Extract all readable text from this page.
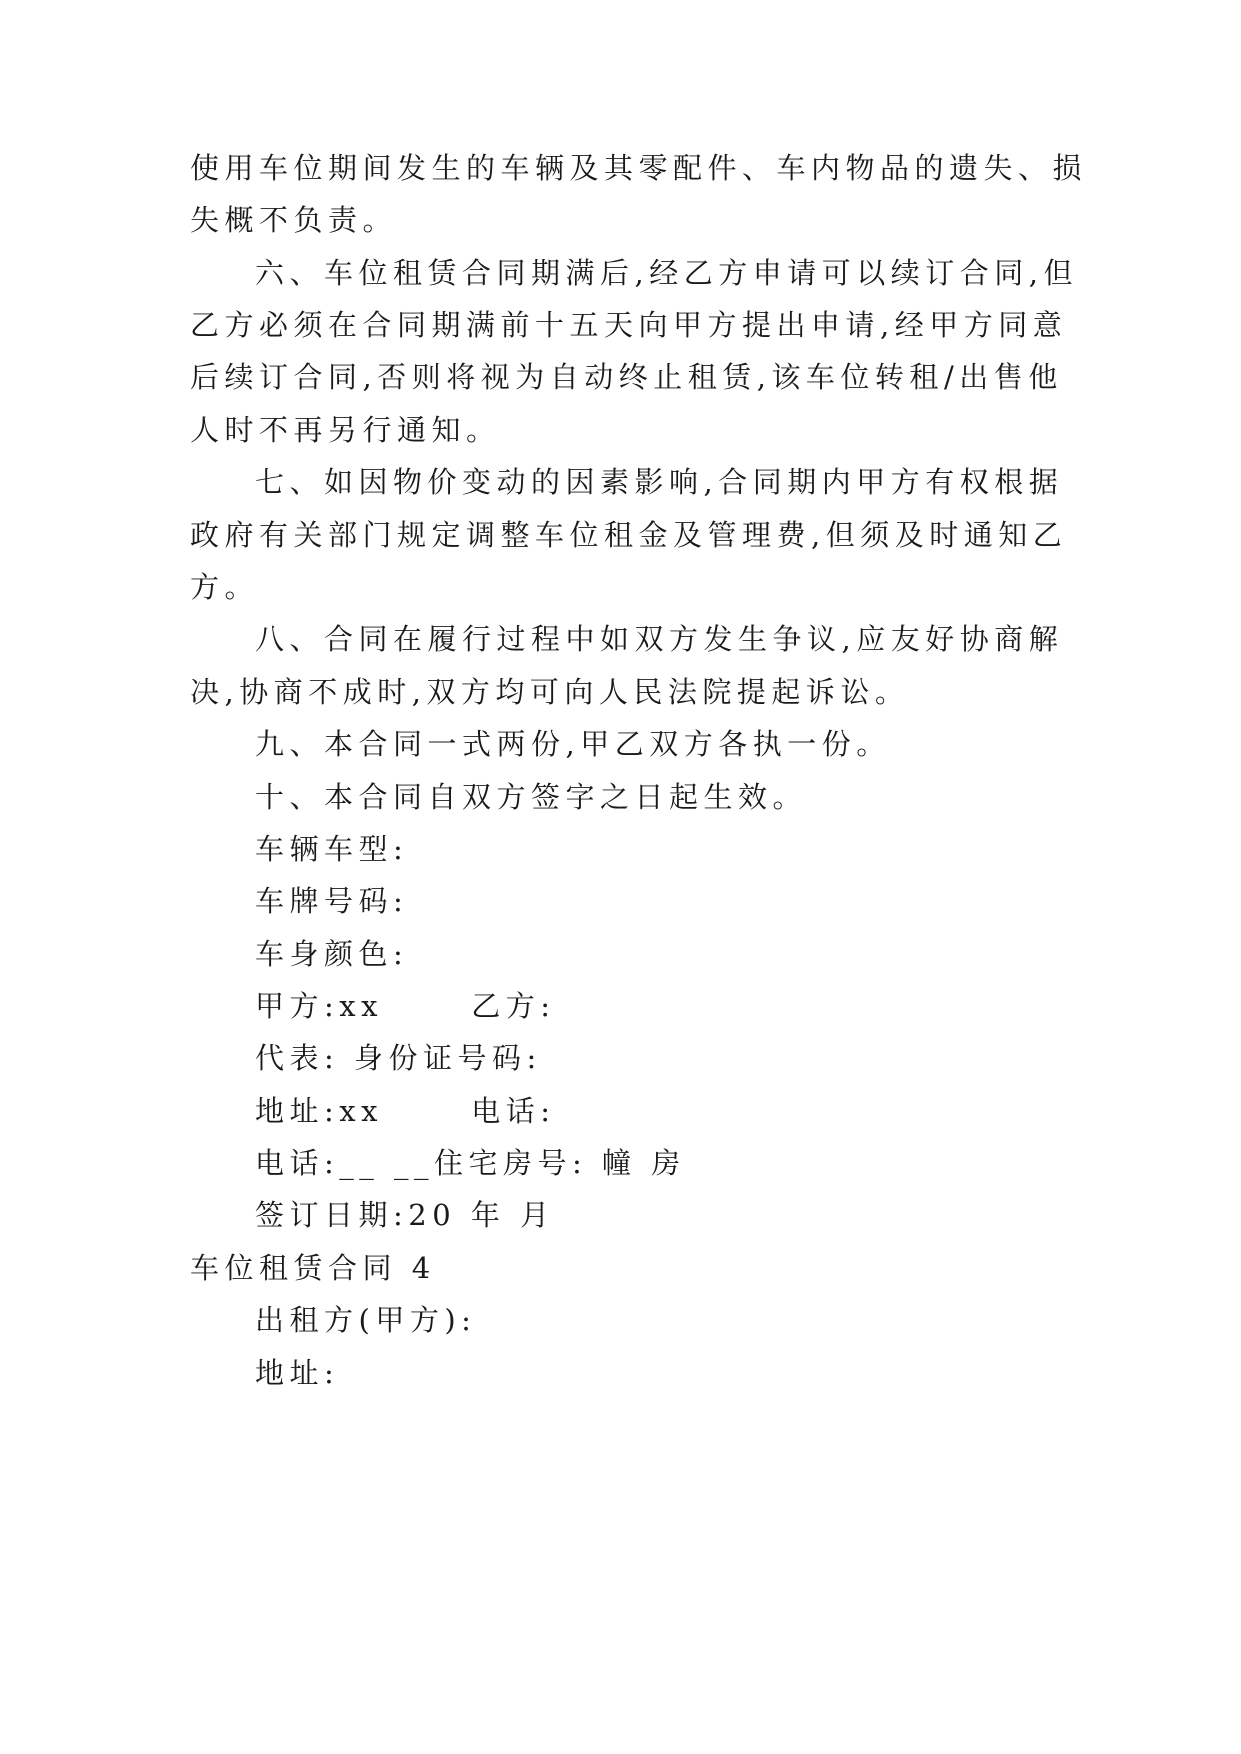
使用车位期间发生的车辆及其零配件、车内物品的遗失、损
失概不负责。
六、车位租赁合同期满后,经乙方申请可以续订合同,但
乙方必须在合同期满前十五天向甲方提出申请,经甲方同意
后续订合同,否则将视为自动终止租赁,该车位转租/出售他
人时不再另行通知。
七、如因物价变动的因素影响,合同期内甲方有权根据
政府有关部门规定调整车位租金及管理费,但须及时通知乙
方。
八、合同在履行过程中如双方发生争议,应友好协商解
决,协商不成时,双方均可向人民法院提起诉讼。
九、本合同一式两份,甲乙双方各执一份。
十、本合同自双方签字之日起生效。
车辆车型:
车牌号码:
车身颜色:
甲方:xx      乙方:
代表: 身份证号码:
地址:xx      电话:
电话:__ __住宅房号: 幢 房
签订日期:20 年 月
车位租赁合同 4
出租方(甲方):
地址:
